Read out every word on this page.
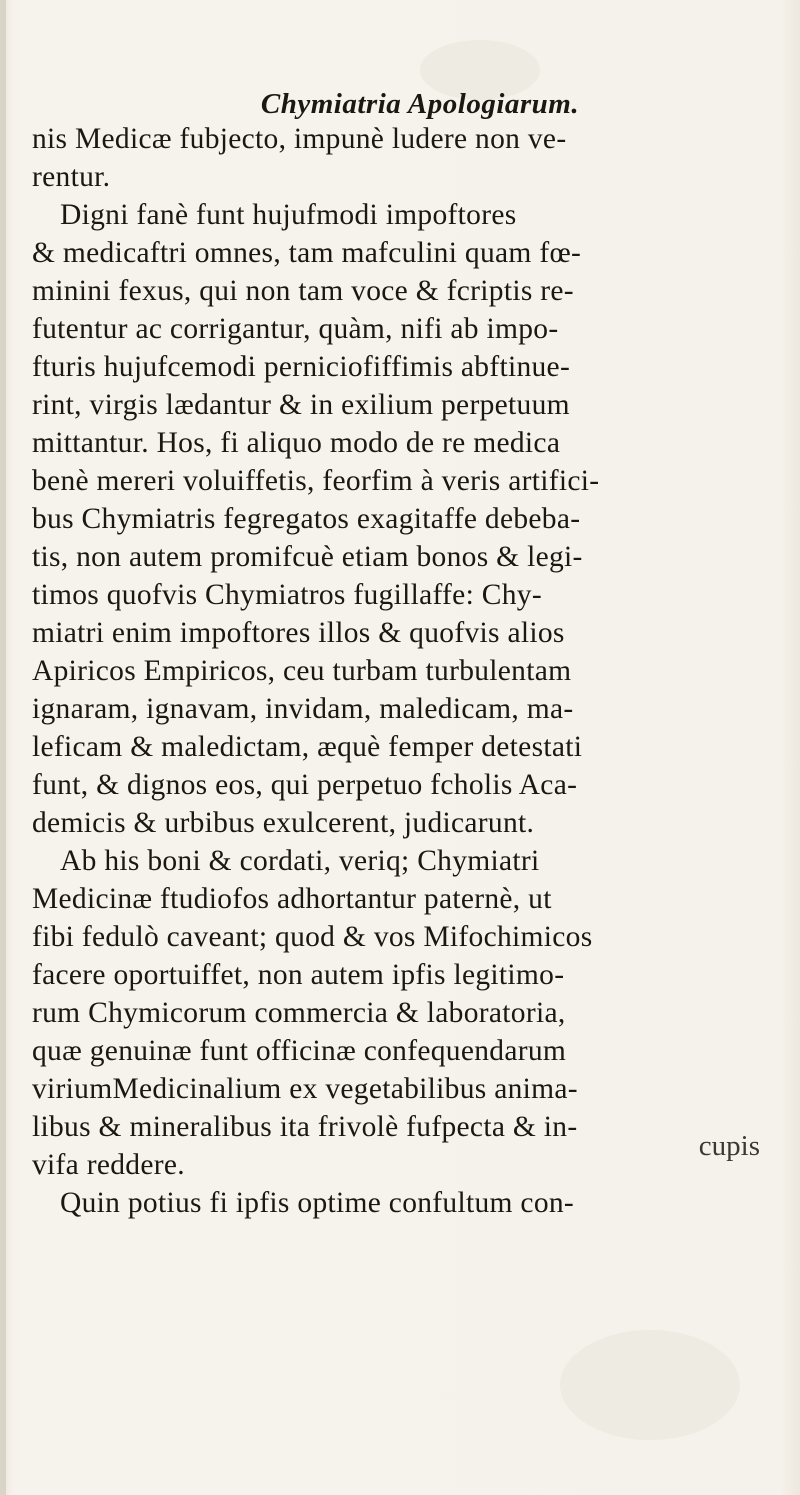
Chymiatria Apologiarum.
nis Medicæ fubjecto, impunè ludere non ve-
rentur.
Digni fanè funt hujufmodi impoftores
& medicaftri omnes, tam mafculini quam fœ-
minini fexus, qui non tam voce & fcriptis re-
futentur ac corrigantur, quàm, nifi ab impo-
fturis hujufcemodi perniciofiffimis abftinue-
rint, virgis lædantur & in exilium perpetuum
mittantur. Hos, fi aliquo modo de re medica
benè mereri voluiffetis, feorfim à veris artifici-
bus Chymiatris fegregatos exagitaffe debeba-
tis, non autem promifcuè etiam bonos & legi-
timos quofvis Chymiatros fugillaffe: Chy-
miatri enim impoftores illos & quofvis alios
Apiricos Empiricos, ceu turbam turbulentam
ignaram, ignavam, invidam, maledicam, ma-
leficam & maledictam, æquè femper detestati
funt, & dignos eos, qui perpetuo fcholis Aca-
demicis & urbibus exulcerent, judicarunt.
Ab his boni & cordati, veriq; Chymiatri
Medicinæ ftudiofos adhortantur paternè, ut
fibi fedulò caveant; quod & vos Mifochimicos
facere oportuiffet, non autem ipfis legitimo-
rum Chymicorum commercia & laboratoria,
quæ genuinæ funt officinæ confequendarum
viriumMedicinalium ex vegetabilibus anima-
libus & mineralibus ita frivolè fufpecta & in-
vifa reddere.
Quin potius fi ipfis optime confultum con-
cupis
